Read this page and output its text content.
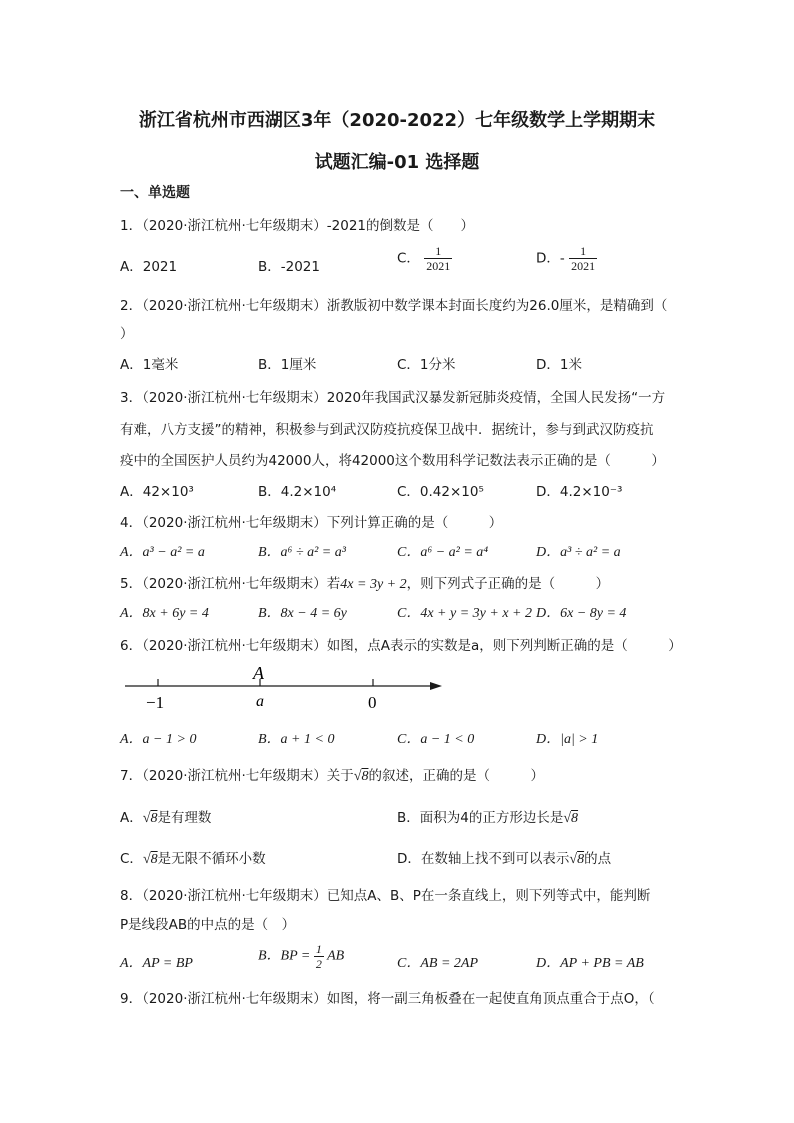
浙江省杭州市西湖区3年（2020-2022）七年级数学上学期期末
试题汇编-01 选择题
一、单选题
1．（2020·浙江杭州·七年级期末）-2021的倒数是（　　）
A．2021	B．-2021
C． $\frac{1}{2021}$	D．- $\frac{1}{2021}$
2．（2020·浙江杭州·七年级期末）浙教版初中数学课本封面长度约为26.0厘米，是精确到（
）
A．1毫米	B．1厘米	C．1分米	D．1米
3．（2020·浙江杭州·七年级期末）2020年我国武汉暴发新冠肺炎疫情，全国人民发扬“一方
有难，八方支援”的精神，积极参与到武汉防疫抗疫保卫战中．据统计，参与到武汉防疫抗
疫中的全国医护人员约为42000人，将42000这个数用科学记数法表示正确的是（　　　）
A．42×10³	B．4.2×10⁴	C．0.42×10⁵	D．4.2×10⁻³
4．（2020·浙江杭州·七年级期末）下列计算正确的是（　　　）
A．a³ − a² = a	B．a⁶ ÷ a² = a³	C．a⁶ − a² = a⁴	D．a³ ÷ a² = a
5．（2020·浙江杭州·七年级期末）若4x = 3y + 2，则下列式子正确的是（　　　）
A．8x + 6y = 4	B．8x − 4 = 6y	C．4x + y = 3y + x + 2 D．6x − 8y = 4
6．（2020·浙江杭州·七年级期末）如图，点A表示的实数是a，则下列判断正确的是（　　　）
−1
A
a	0
A．a − 1 > 0	B．a + 1 < 0	C．a − 1 < 0	D．|a| > 1
7．（2020·浙江杭州·七年级期末）关于√8的叙述，正确的是（　　　）
A．√8是有理数	B．面积为4的正方形边长是√8
C．√8是无限不循环小数	D．在数轴上找不到可以表示√8的点
8．（2020·浙江杭州·七年级期末）已知点A、B、P在一条直线上，则下列等式中，能判断
P是线段AB的中点的是（　）
A．AP = BP	B．BP = $\frac{1}{2}$ AB	C．AB = 2AP	D．AP + PB = AB
9．（2020·浙江杭州·七年级期末）如图，将一副三角板叠在一起使直角顶点重合于点O，（
